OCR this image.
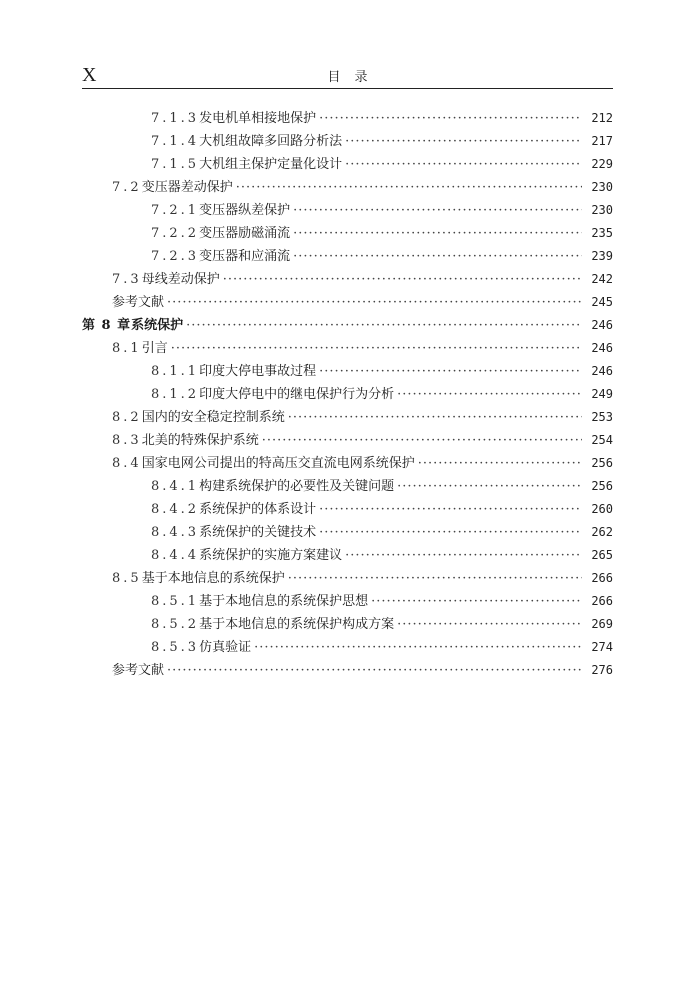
X	目录
7.1.3 发电机单相接地保护 ·····	212
7.1.4 大机组故障多回路分析法 ·····	217
7.1.5 大机组主保护定量化设计 ·····	229
7.2 变压器差动保护 ·····	230
7.2.1 变压器纵差保护 ·····	230
7.2.2 变压器励磁涌流 ·····	235
7.2.3 变压器和应涌流 ·····	239
7.3 母线差动保护 ·····	242
参考文献 ·····	245
第 8 章 系统保护 ·····	246
8.1 引言 ·····	246
8.1.1 印度大停电事故过程 ·····	246
8.1.2 印度大停电中的继电保护行为分析 ·····	249
8.2 国内的安全稳定控制系统 ·····	253
8.3 北美的特殊保护系统 ·····	254
8.4 国家电网公司提出的特高压交直流电网系统保护 ·····	256
8.4.1 构建系统保护的必要性及关键问题 ·····	256
8.4.2 系统保护的体系设计 ·····	260
8.4.3 系统保护的关键技术 ·····	262
8.4.4 系统保护的实施方案建议 ·····	265
8.5 基于本地信息的系统保护 ·····	266
8.5.1 基于本地信息的系统保护思想 ·····	266
8.5.2 基于本地信息的系统保护构成方案 ·····	269
8.5.3 仿真验证 ·····	274
参考文献 ·····	276
